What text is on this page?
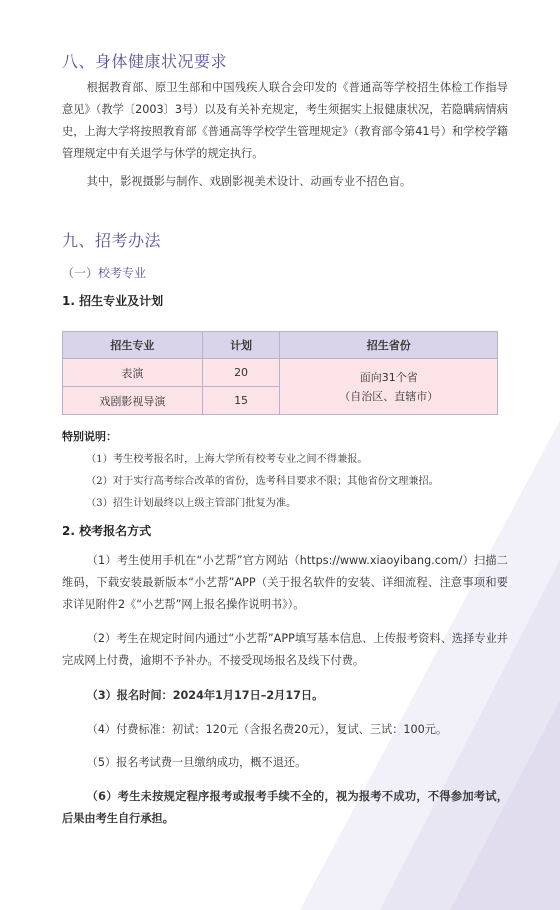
八、身体健康状况要求

根据教育部、原卫生部和中国残疾人联合会印发的《普通高等学校招生体检工作指导意见》（教学〔2003〕3号）以及有关补充规定，考生须据实上报健康状况，若隐瞒病情病史，上海大学将按照教育部《普通高等学校学生管理规定》（教育部令第41号）和学校学籍管理规定中有关退学与休学的规定执行。

其中，影视摄影与制作、戏剧影视美术设计、动画专业不招色盲。

九、招考办法
（一）校考专业
1. 招生专业及计划
招生专业	计划	招生省份
表演	20	面向31个省
（自治区、直辖市）

戏剧影视导演	15	
特别说明：
（1）考生校考报名时，上海大学所有校考专业之间不得兼报。
（2）对于实行高考综合改革的省份，选考科目要求不限；其他省份文理兼招。
（3）招生计划最终以上级主管部门批复为准。
2. 校考报名方式

（1）考生使用手机在“小艺帮”官方网站（https://www.xiaoyibang.com/）扫描二维码，下载安装最新版本“小艺帮”APP（关于报名软件的安装、详细流程、注意事项和要求详见附件2《“小艺帮”网上报名操作说明书》）。

（2）考生在规定时间内通过“小艺帮”APP填写基本信息、上传报考资料、选择专业并完成网上付费，逾期不予补办。不接受现场报名及线下付费。

（3）报名时间：2024年1月17日–2月17日。

（4）付费标准：初试：120元（含报名费20元），复试、三试：100元。

（5）报名考试费一旦缴纳成功，概不退还。

（6）考生未按规定程序报考或报考手续不全的，视为报考不成功，不得参加考试，后果由考生自行承担。
